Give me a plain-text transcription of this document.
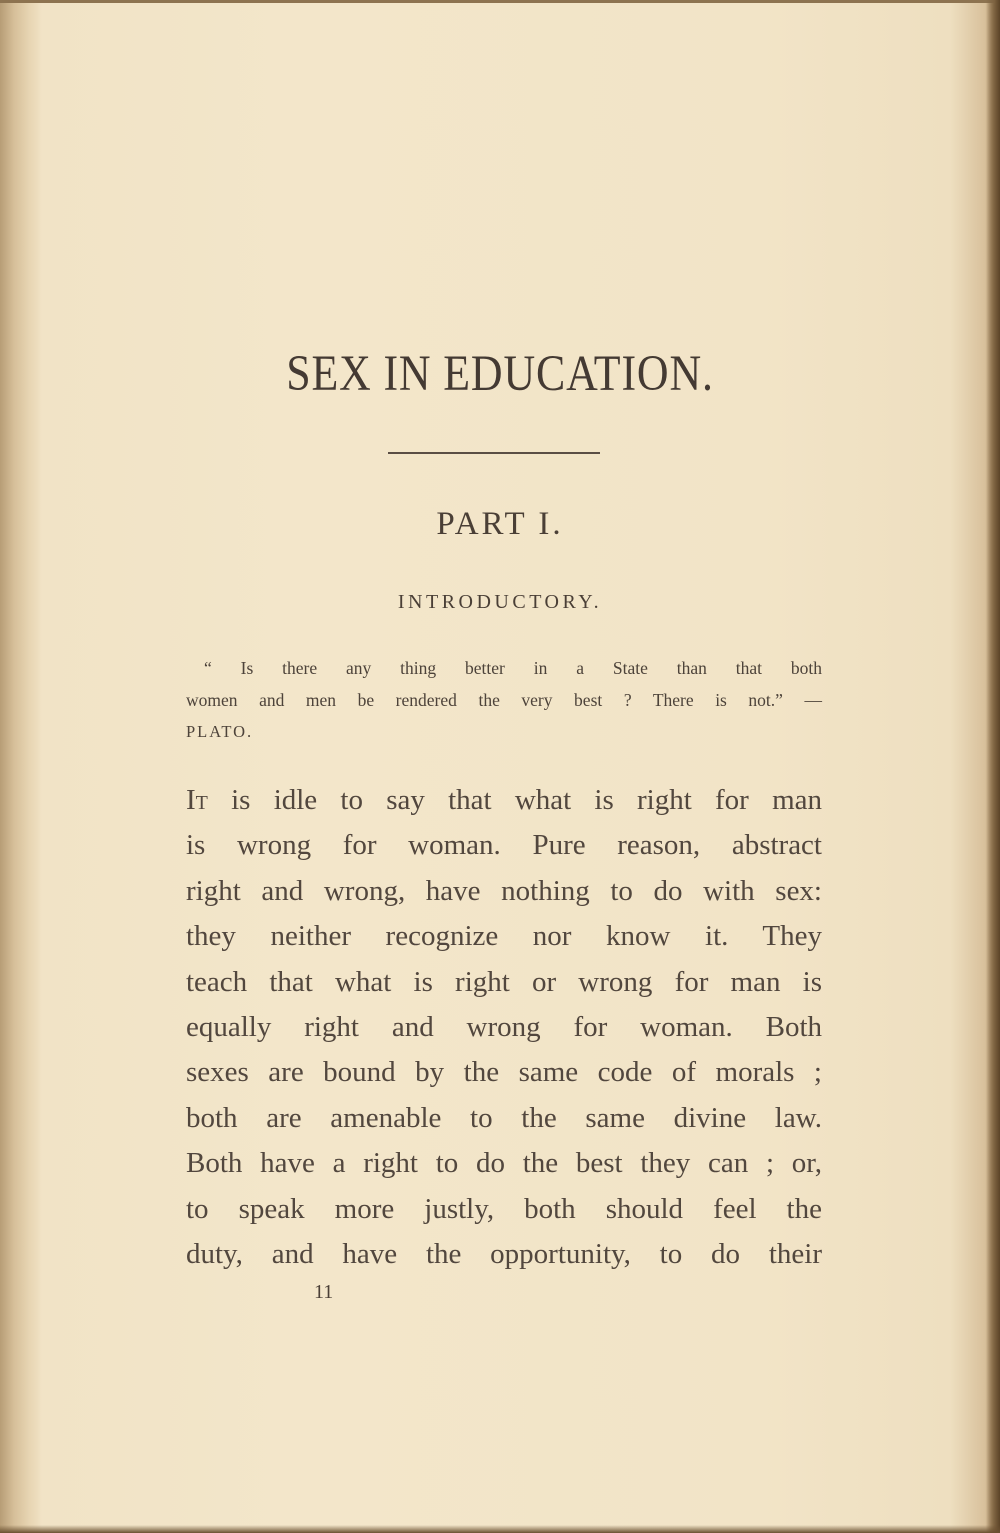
SEX IN EDUCATION.
PART I.
INTRODUCTORY.
“ Is there any thing better in a State than that both
women and men be rendered the very best ? There is not.” —
PLATO.
It is idle to say that what is right for man
is wrong for woman. Pure reason, abstract
right and wrong, have nothing to do with sex:
they neither recognize nor know it. They
teach that what is right or wrong for man is
equally right and wrong for woman. Both
sexes are bound by the same code of morals ;
both are amenable to the same divine law.
Both have a right to do the best they can ; or,
to speak more justly, both should feel the
duty, and have the opportunity, to do their
11
